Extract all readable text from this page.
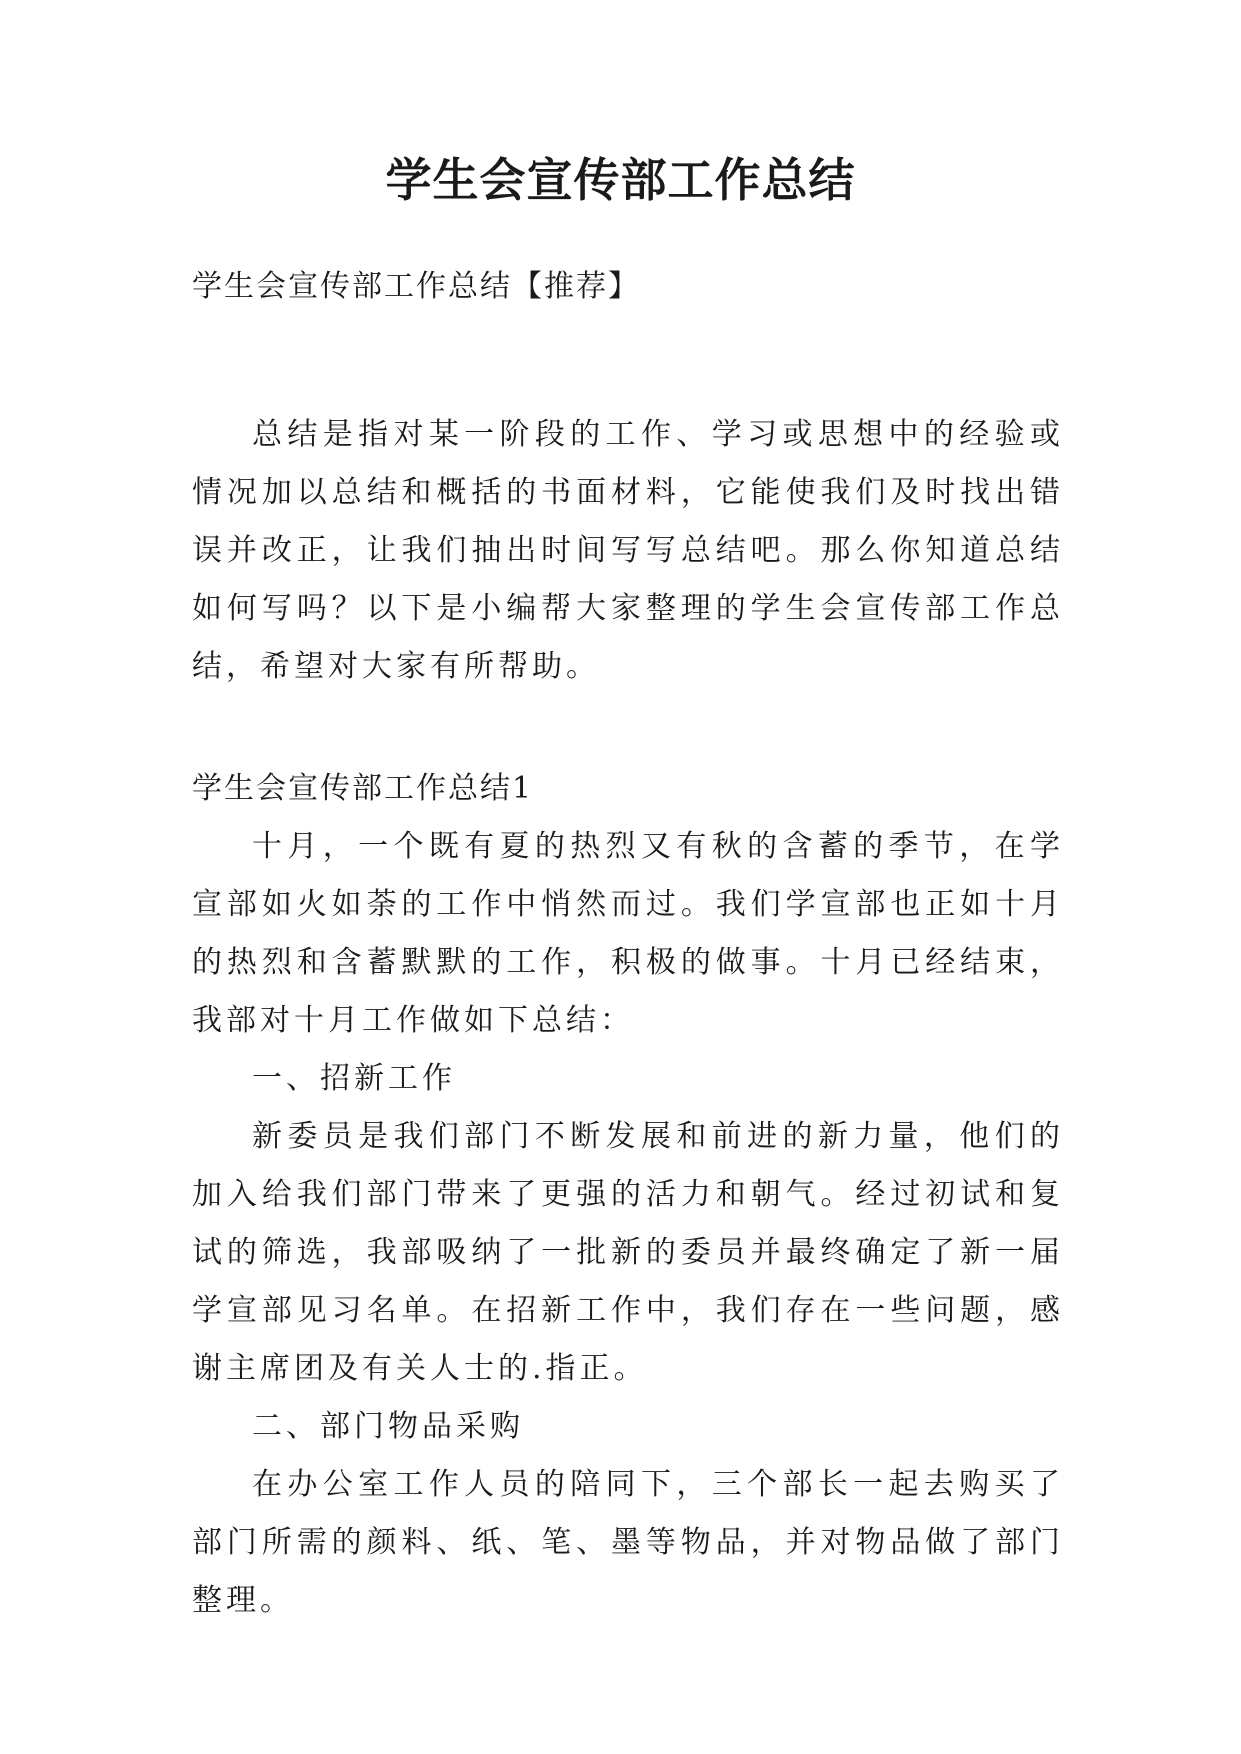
学生会宣传部工作总结

学生会宣传部工作总结【推荐】

总结是指对某一阶段的工作、学习或思想中的经验或情况加以总结和概括的书面材料，它能使我们及时找出错误并改正，让我们抽出时间写写总结吧。那么你知道总结如何写吗？以下是小编帮大家整理的学生会宣传部工作总结，希望对大家有所帮助。

学生会宣传部工作总结1

十月，一个既有夏的热烈又有秋的含蓄的季节，在学宣部如火如荼的工作中悄然而过。我们学宣部也正如十月的热烈和含蓄默默的工作，积极的做事。十月已经结束，我部对十月工作做如下总结：

一、招新工作

新委员是我们部门不断发展和前进的新力量，他们的加入给我们部门带来了更强的活力和朝气。经过初试和复试的筛选，我部吸纳了一批新的委员并最终确定了新一届学宣部见习名单。在招新工作中，我们存在一些问题，感谢主席团及有关人士的.指正。

二、部门物品采购

在办公室工作人员的陪同下，三个部长一起去购买了部门所需的颜料、纸、笔、墨等物品，并对物品做了部门整理。
